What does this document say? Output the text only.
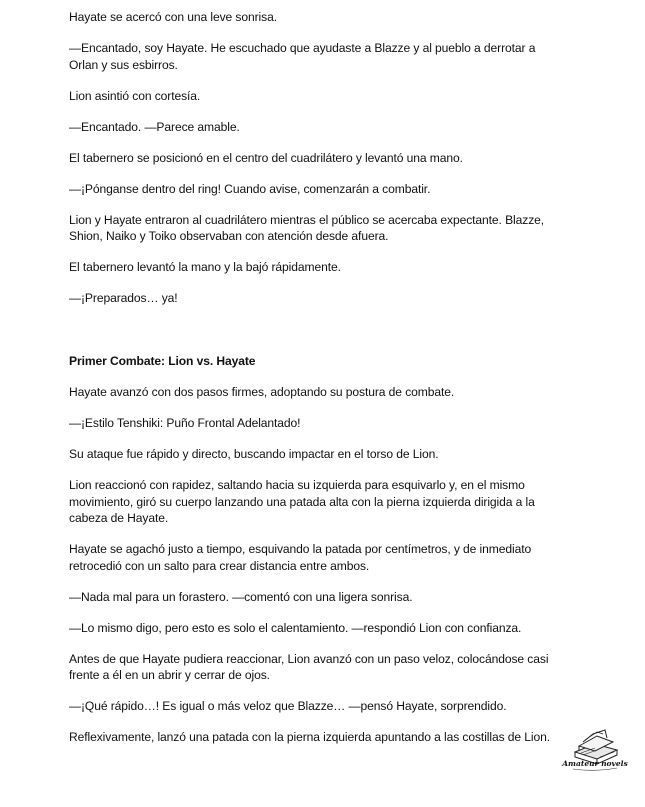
Hayate se acercó con una leve sonrisa.

—Encantado, soy Hayate. He escuchado que ayudaste a Blazze y al pueblo a derrotar a Orlan y sus esbirros.

Lion asintió con cortesía.

—Encantado. —Parece amable.

El tabernero se posicionó en el centro del cuadrilátero y levantó una mano.

—¡Pónganse dentro del ring! Cuando avise, comenzarán a combatir.

Lion y Hayate entraron al cuadrilátero mientras el público se acercaba expectante. Blazze, Shion, Naiko y Toiko observaban con atención desde afuera.

El tabernero levantó la mano y la bajó rápidamente.

—¡Preparados… ya!

Primer Combate: Lion vs. Hayate

Hayate avanzó con dos pasos firmes, adoptando su postura de combate.

—¡Estilo Tenshiki: Puño Frontal Adelantado!

Su ataque fue rápido y directo, buscando impactar en el torso de Lion.

Lion reaccionó con rapidez, saltando hacia su izquierda para esquivarlo y, en el mismo movimiento, giró su cuerpo lanzando una patada alta con la pierna izquierda dirigida a la cabeza de Hayate.

Hayate se agachó justo a tiempo, esquivando la patada por centímetros, y de inmediato retrocedió con un salto para crear distancia entre ambos.

—Nada mal para un forastero. —comentó con una ligera sonrisa.

—Lo mismo digo, pero esto es solo el calentamiento. —respondió Lion con confianza.

Antes de que Hayate pudiera reaccionar, Lion avanzó con un paso veloz, colocándose casi frente a él en un abrir y cerrar de ojos.

—¡Qué rápido…! Es igual o más veloz que Blazze… —pensó Hayate, sorprendido.

Reflexivamente, lanzó una patada con la pierna izquierda apuntando a las costillas de Lion.

Amateur novels
